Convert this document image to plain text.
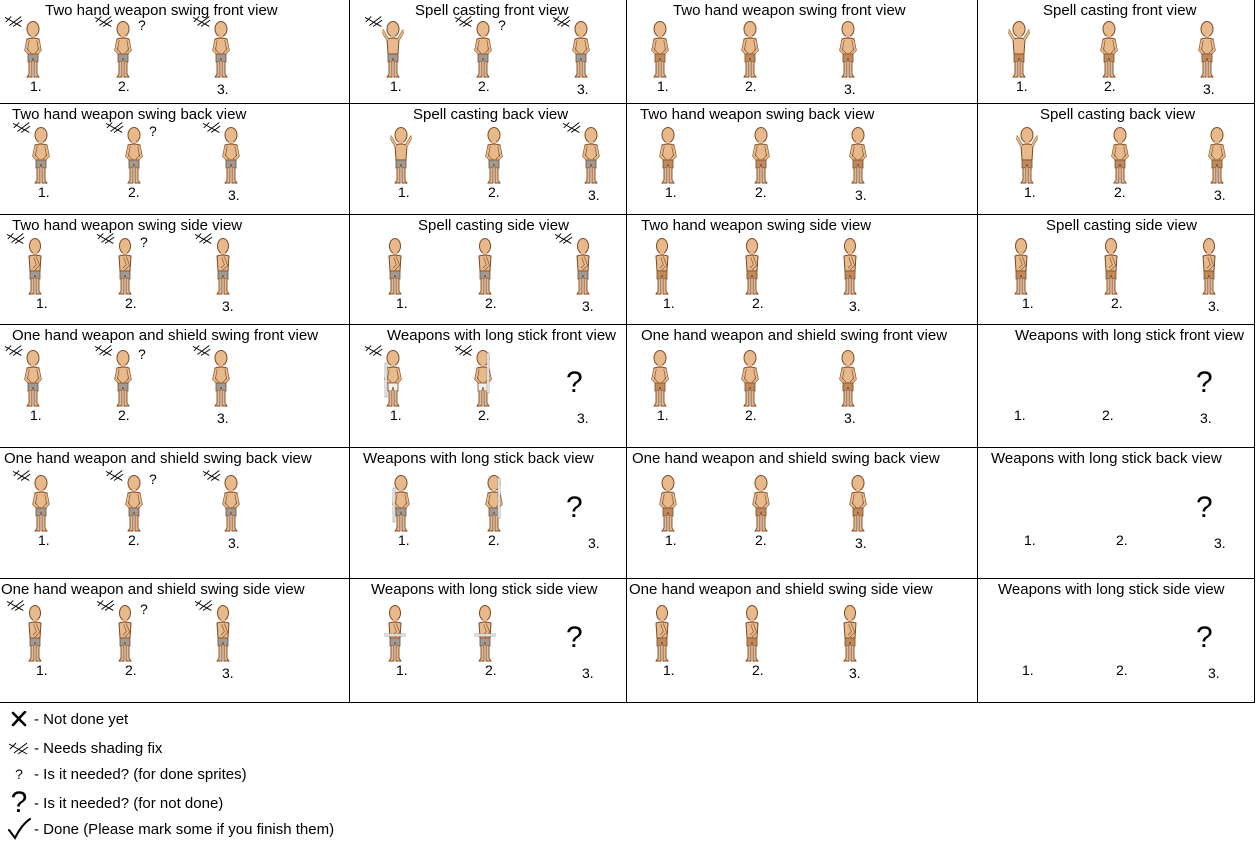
Two hand weapon swing front view
1.
?
2.	3.
Spell casting front view
1.
?
2.	3.
Two hand weapon swing front view
1.	2.	3.
Spell casting front view
1.	2.	3.
Two hand weapon swing back view
1.
?
2.	3.
Spell casting back view
1.	2.	3.
Two hand weapon swing back view
1.	2.	3.
Spell casting back view
1.	2.	3.
Two hand weapon swing side view
1.
?
2.	3.
Spell casting side view
1.	2.	3.
Two hand weapon swing side view
1.	2.	3.
Spell casting side view
1.	2.	3.
One hand weapon and shield swing front view
1.
?
2.	3.
Weapons with long stick front view
1.	2.	3.
?
One hand weapon and shield swing front view
1.	2.	3.
Weapons with long stick front view
1.	2.	3.
?
One hand weapon and shield swing back view
1.
?
2.	3.
Weapons with long stick back view
1.	2.	3.
?
One hand weapon and shield swing back view
1.	2.	3.
Weapons with long stick back view
1.	2.	3.
?
One hand weapon and shield swing side view
1.
?
2.	3.
Weapons with long stick side view
1.	2.	3.
?
One hand weapon and shield swing side view
1.	2.	3.
Weapons with long stick side view
1.	2.	3.
?
- Not done yet
- Needs shading fix
? - Is it needed? (for done sprites)
? - Is it needed? (for not done)
- Done (Please mark some if you finish them)
